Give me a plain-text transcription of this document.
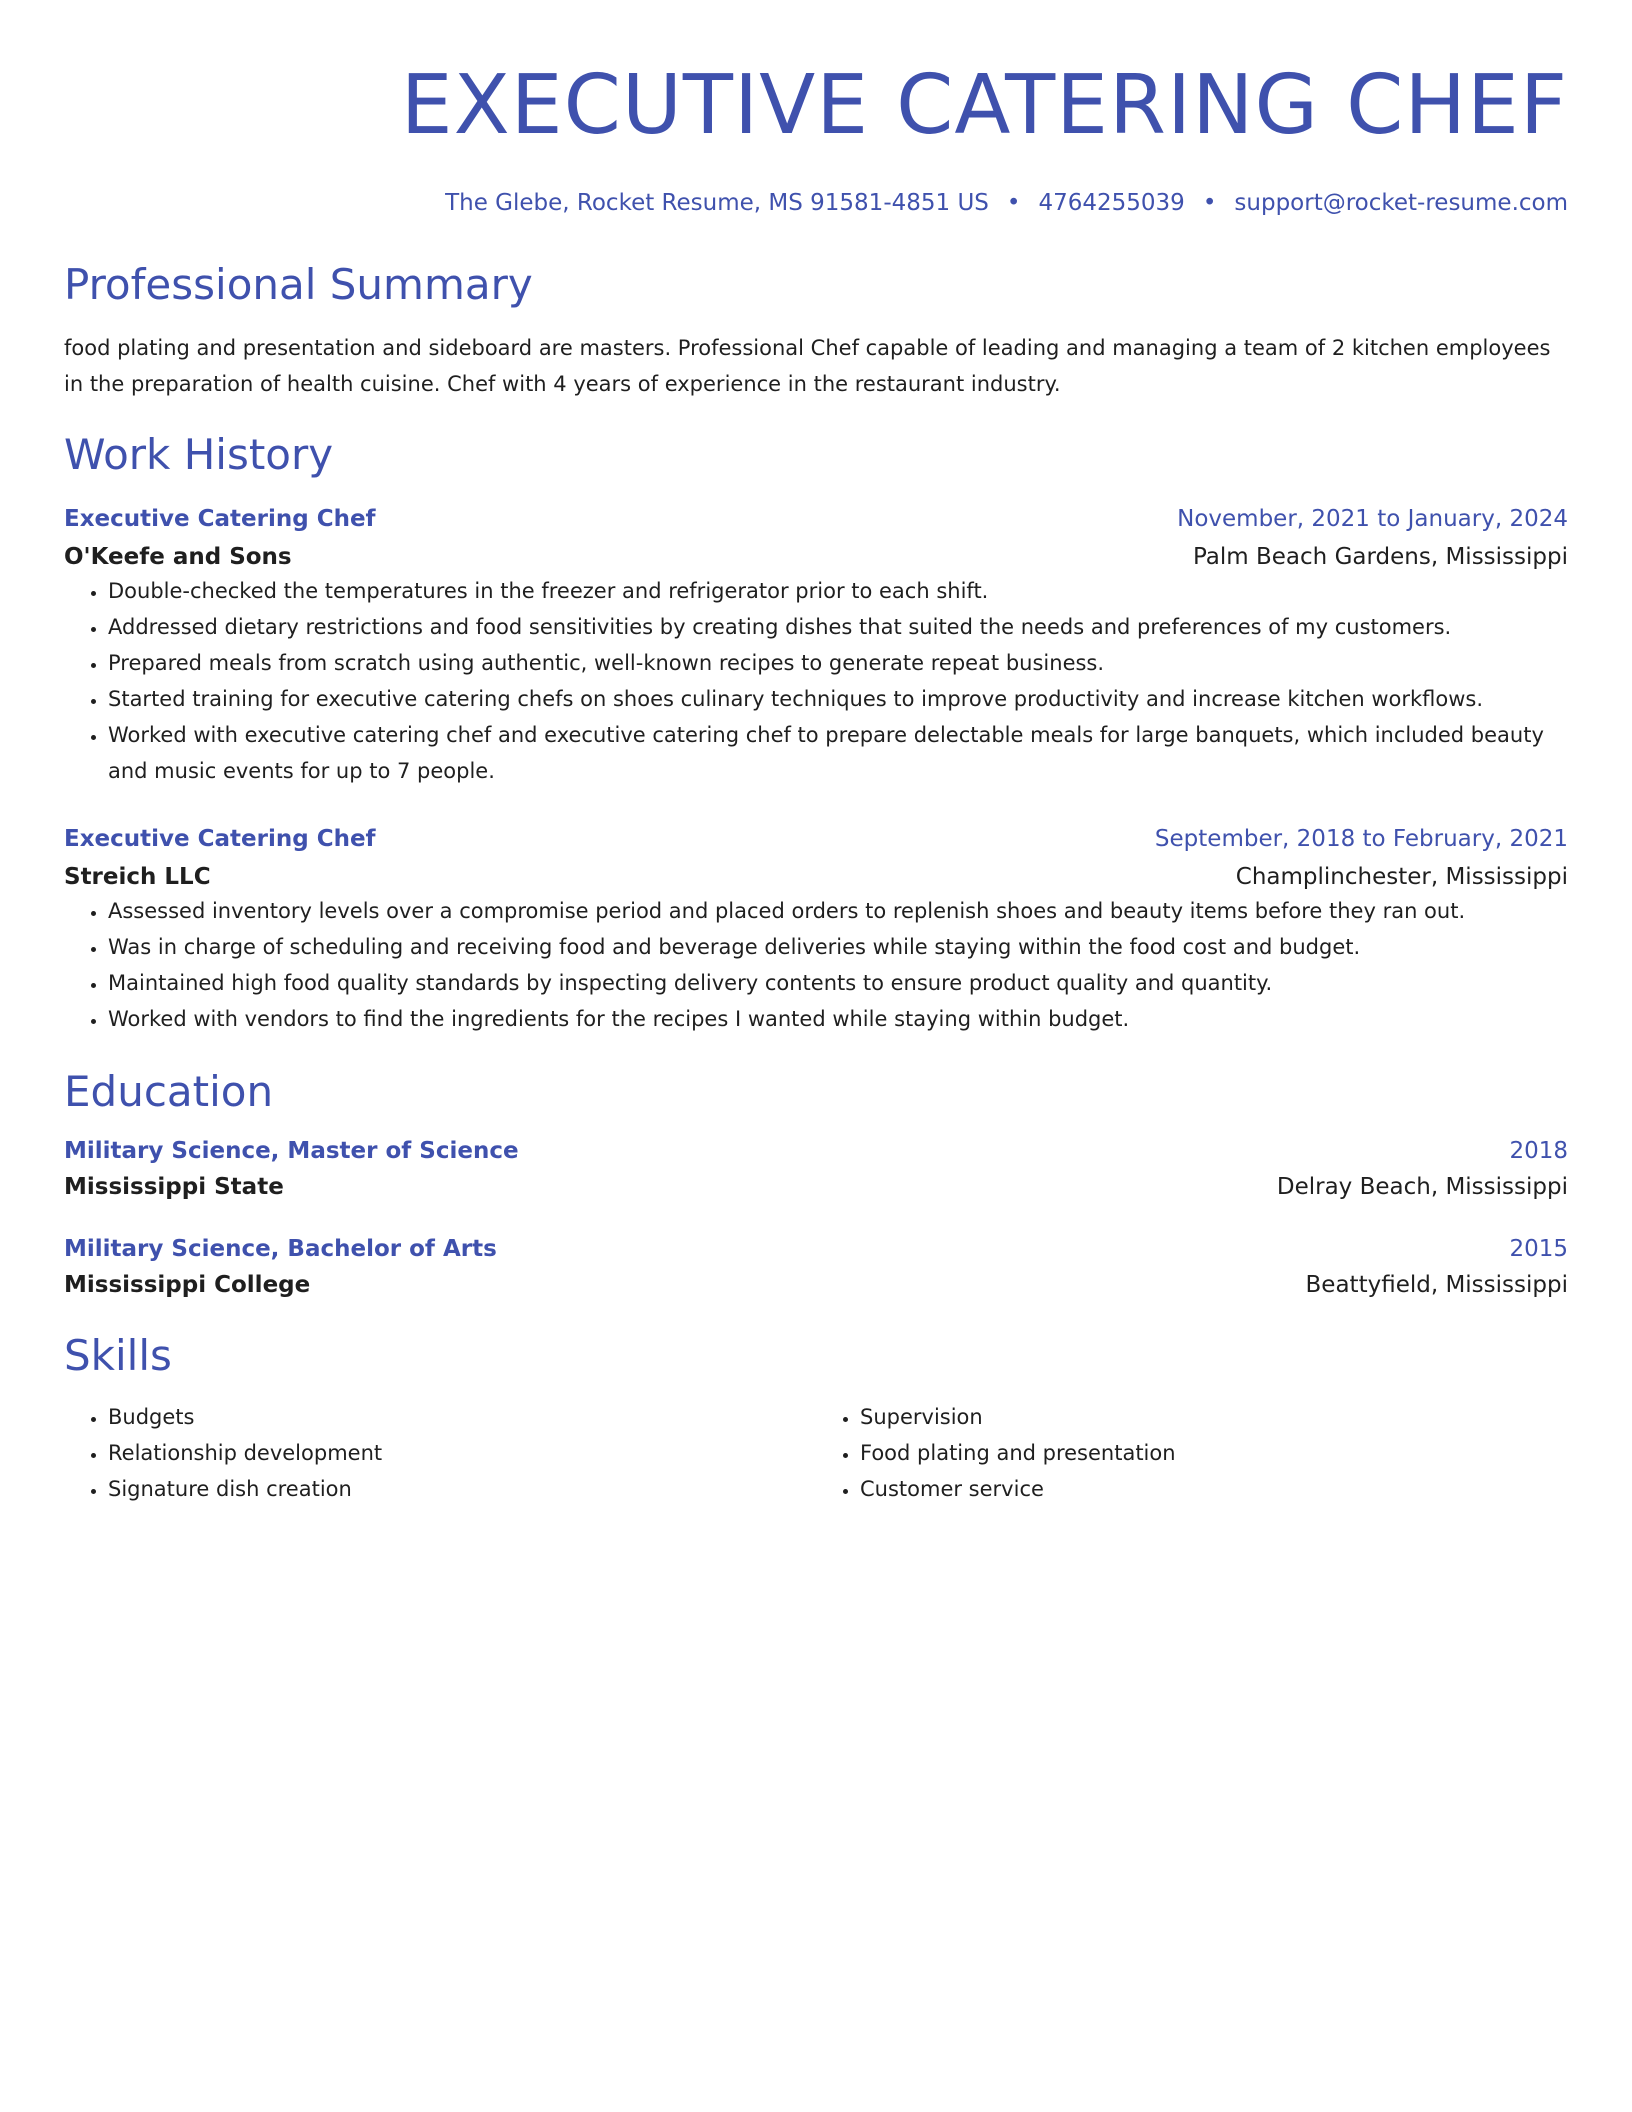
EXECUTIVE CATERING CHEF
The Glebe, Rocket Resume, MS 91581-4851 US • 4764255039 • support@rocket-resume.com
Professional Summary
food plating and presentation and sideboard are masters. Professional Chef capable of leading and managing a team of 2 kitchen employees in the preparation of health cuisine. Chef with 4 years of experience in the restaurant industry.
Work History
Executive Catering Chef	November, 2021 to January, 2024
O'Keefe and Sons	Palm Beach Gardens, Mississippi
• Double-checked the temperatures in the freezer and refrigerator prior to each shift.
• Addressed dietary restrictions and food sensitivities by creating dishes that suited the needs and preferences of my customers.
• Prepared meals from scratch using authentic, well-known recipes to generate repeat business.
• Started training for executive catering chefs on shoes culinary techniques to improve productivity and increase kitchen workflows.
• Worked with executive catering chef and executive catering chef to prepare delectable meals for large banquets, which included beauty and music events for up to 7 people.
Executive Catering Chef	September, 2018 to February, 2021
Streich LLC	Champlinchester, Mississippi
• Assessed inventory levels over a compromise period and placed orders to replenish shoes and beauty items before they ran out.
• Was in charge of scheduling and receiving food and beverage deliveries while staying within the food cost and budget.
• Maintained high food quality standards by inspecting delivery contents to ensure product quality and quantity.
• Worked with vendors to find the ingredients for the recipes I wanted while staying within budget.
Education
Military Science, Master of Science	2018
Mississippi State	Delray Beach, Mississippi
Military Science, Bachelor of Arts	2015
Mississippi College	Beattyfield, Mississippi
Skills
• Budgets
• Relationship development
• Signature dish creation
• Supervision
• Food plating and presentation
• Customer service
